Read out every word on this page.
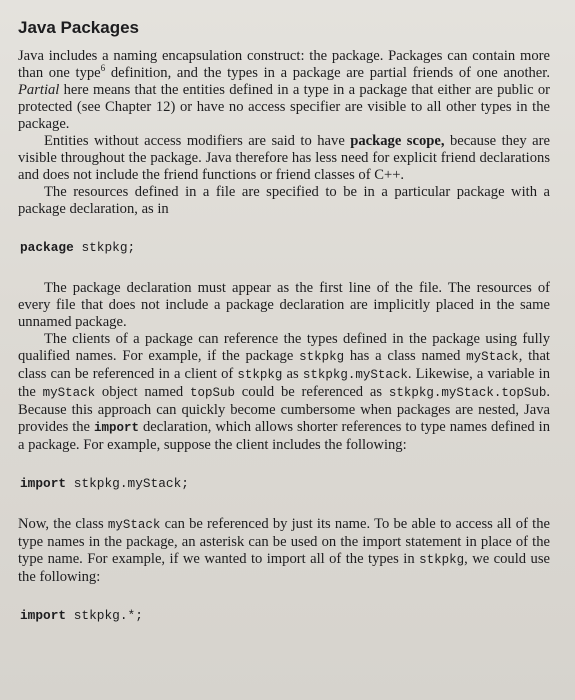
Java Packages

Java includes a naming encapsulation construct: the package. Packages can contain more than one type$^6$ definition, and the types in a package are partial friends of one another. Partial here means that the entities defined in a type in a package that either are public or protected (see Chapter 12) or have no access specifier are visible to all other types in the package.

Entities without access modifiers are said to have package scope, because they are visible throughout the package. Java therefore has less need for explicit friend declarations and does not include the friend functions or friend classes of C++.

The resources defined in a file are specified to be in a particular package with a package declaration, as in

package stkpkg;

The package declaration must appear as the first line of the file. The resources of every file that does not include a package declaration are implicitly placed in the same unnamed package.

The clients of a package can reference the types defined in the package using fully qualified names. For example, if the package stkpkg has a class named myStack, that class can be referenced in a client of stkpkg as stkpkg.myStack. Likewise, a variable in the myStack object named topSub could be referenced as stkpkg.myStack.topSub. Because this approach can quickly become cumbersome when packages are nested, Java provides the import declaration, which allows shorter references to type names defined in a package. For example, suppose the client includes the following:

import stkpkg.myStack;

Now, the class myStack can be referenced by just its name. To be able to access all of the type names in the package, an asterisk can be used on the import statement in place of the type name. For example, if we wanted to import all of the types in stkpkg, we could use the following:

import stkpkg.*;
